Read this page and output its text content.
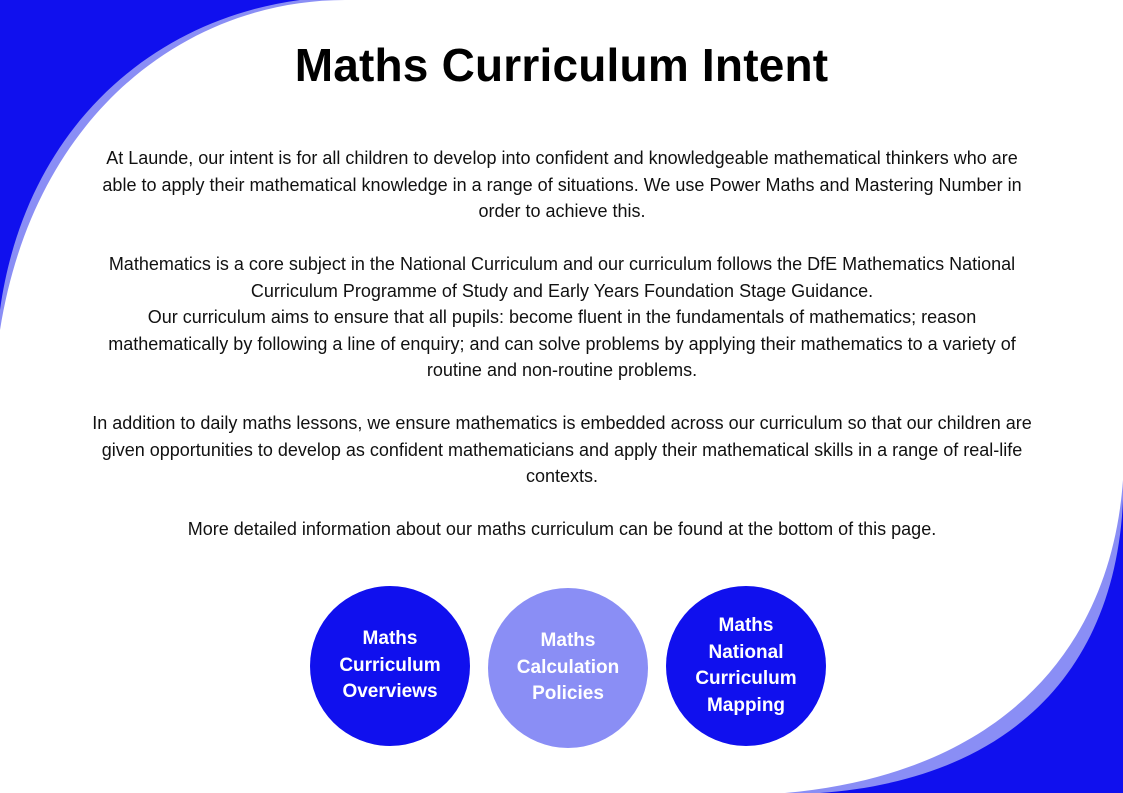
Maths Curriculum Intent

At Launde, our intent is for all children to develop into confident and knowledgeable mathematical thinkers who are able to apply their mathematical knowledge in a range of situations. We use Power Maths and Mastering Number in order to achieve this.

Mathematics is a core subject in the National Curriculum and our curriculum follows the DfE Mathematics National Curriculum Programme of Study and Early Years Foundation Stage Guidance.
Our curriculum aims to ensure that all pupils: become fluent in the fundamentals of mathematics; reason mathematically by following a line of enquiry; and can solve problems by applying their mathematics to a variety of routine and non-routine problems.

In addition to daily maths lessons, we ensure mathematics is embedded across our curriculum so that our children are given opportunities to develop as confident mathematicians and apply their mathematical skills in a range of real-life contexts.

More detailed information about our maths curriculum can be found at the bottom of this page.

Maths Curriculum Overviews
Maths Calculation Policies
Maths National Curriculum Mapping
